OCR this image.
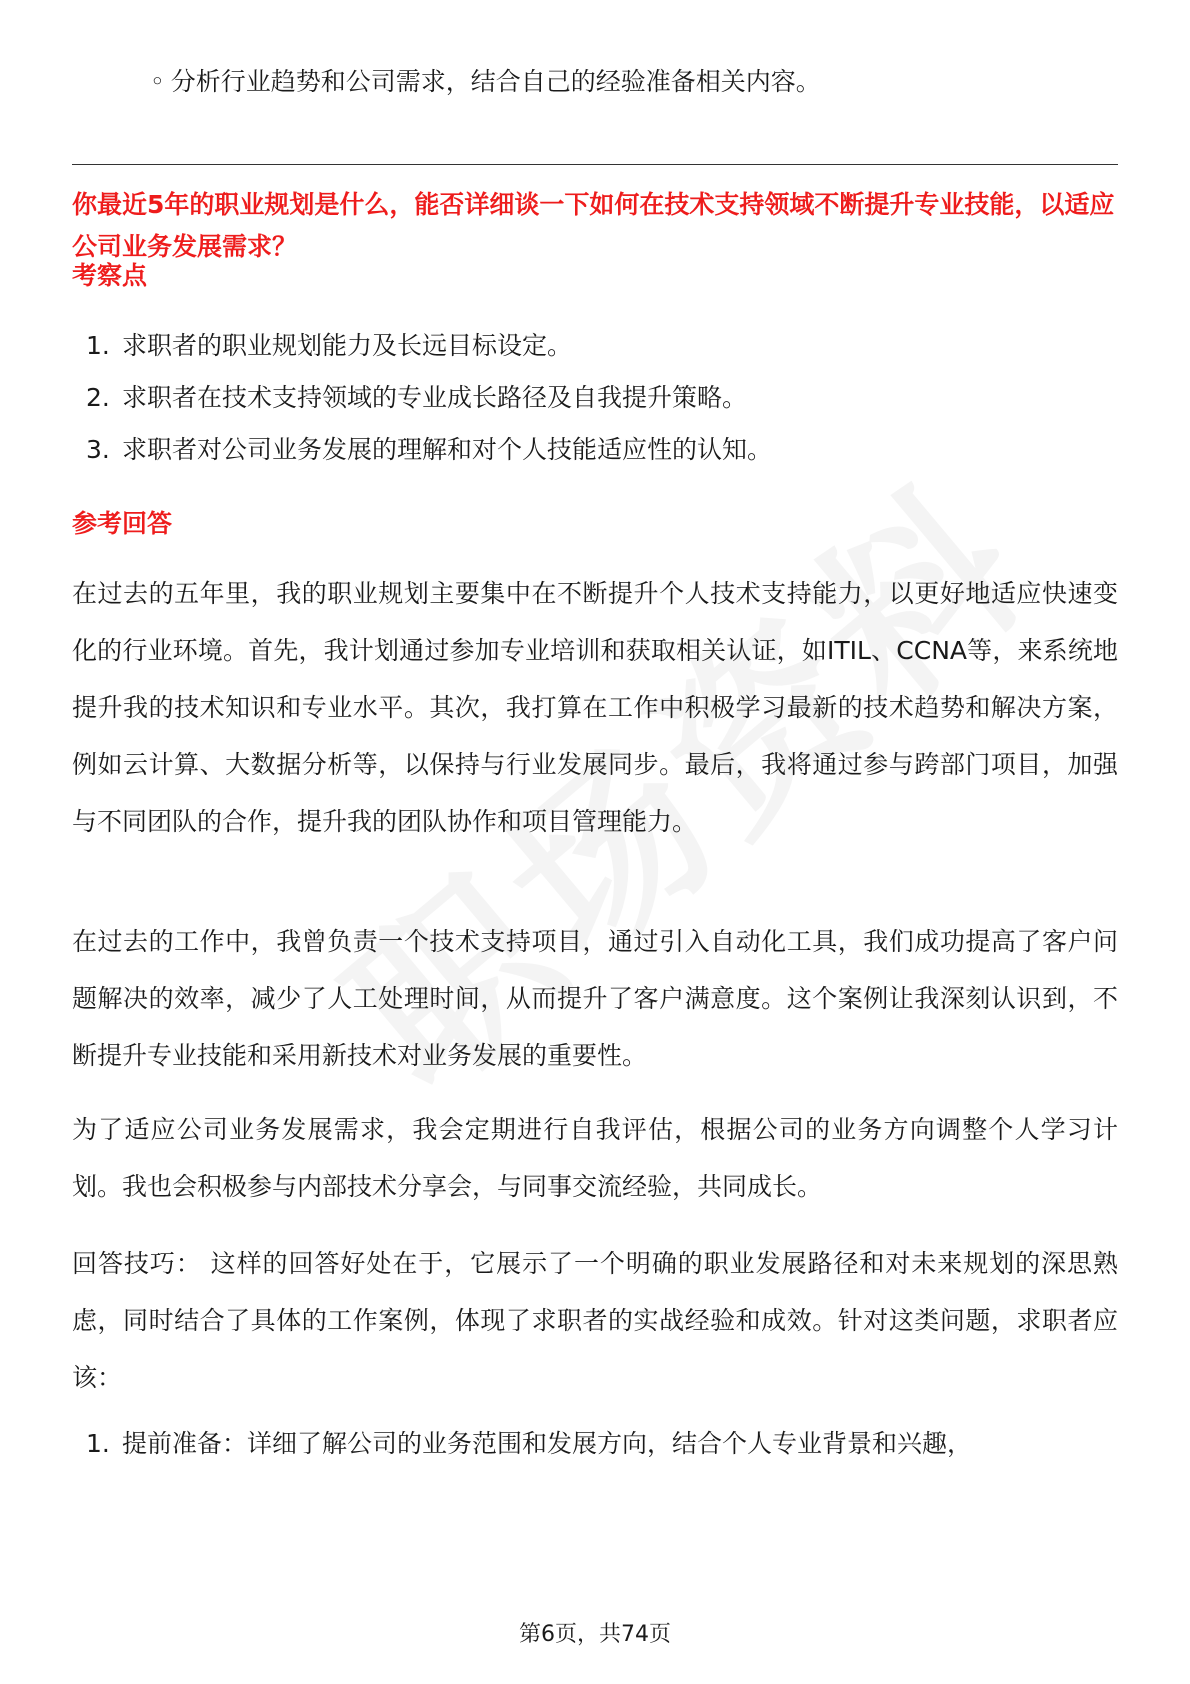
◦ 分析行业趋势和公司需求，结合自己的经验准备相关内容。

你最近5年的职业规划是什么，能否详细谈一下如何在技术支持领域不断提升专业技能，以适应公司业务发展需求？

考察点

1. 求职者的职业规划能力及长远目标设定。
2. 求职者在技术支持领域的专业成长路径及自我提升策略。
3. 求职者对公司业务发展的理解和对个人技能适应性的认知。

参考回答

在过去的五年里，我的职业规划主要集中在不断提升个人技术支持能力，以更好地适应快速变化的行业环境。首先，我计划通过参加专业培训和获取相关认证，如ITIL、CCNA等，来系统地提升我的技术知识和专业水平。其次，我打算在工作中积极学习最新的技术趋势和解决方案，例如云计算、大数据分析等，以保持与行业发展同步。最后，我将通过参与跨部门项目，加强与不同团队的合作，提升我的团队协作和项目管理能力。

在过去的工作中，我曾负责一个技术支持项目，通过引入自动化工具，我们成功提高了客户问题解决的效率，减少了人工处理时间，从而提升了客户满意度。这个案例让我深刻认识到，不断提升专业技能和采用新技术对业务发展的重要性。

为了适应公司业务发展需求，我会定期进行自我评估，根据公司的业务方向调整个人学习计划。我也会积极参与内部技术分享会，与同事交流经验，共同成长。

回答技巧： 这样的回答好处在于，它展示了一个明确的职业发展路径和对未来规划的深思熟虑，同时结合了具体的工作案例，体现了求职者的实战经验和成效。针对这类问题，求职者应该：

1. 提前准备：详细了解公司的业务范围和发展方向，结合个人专业背景和兴趣，
第6页，共74页
